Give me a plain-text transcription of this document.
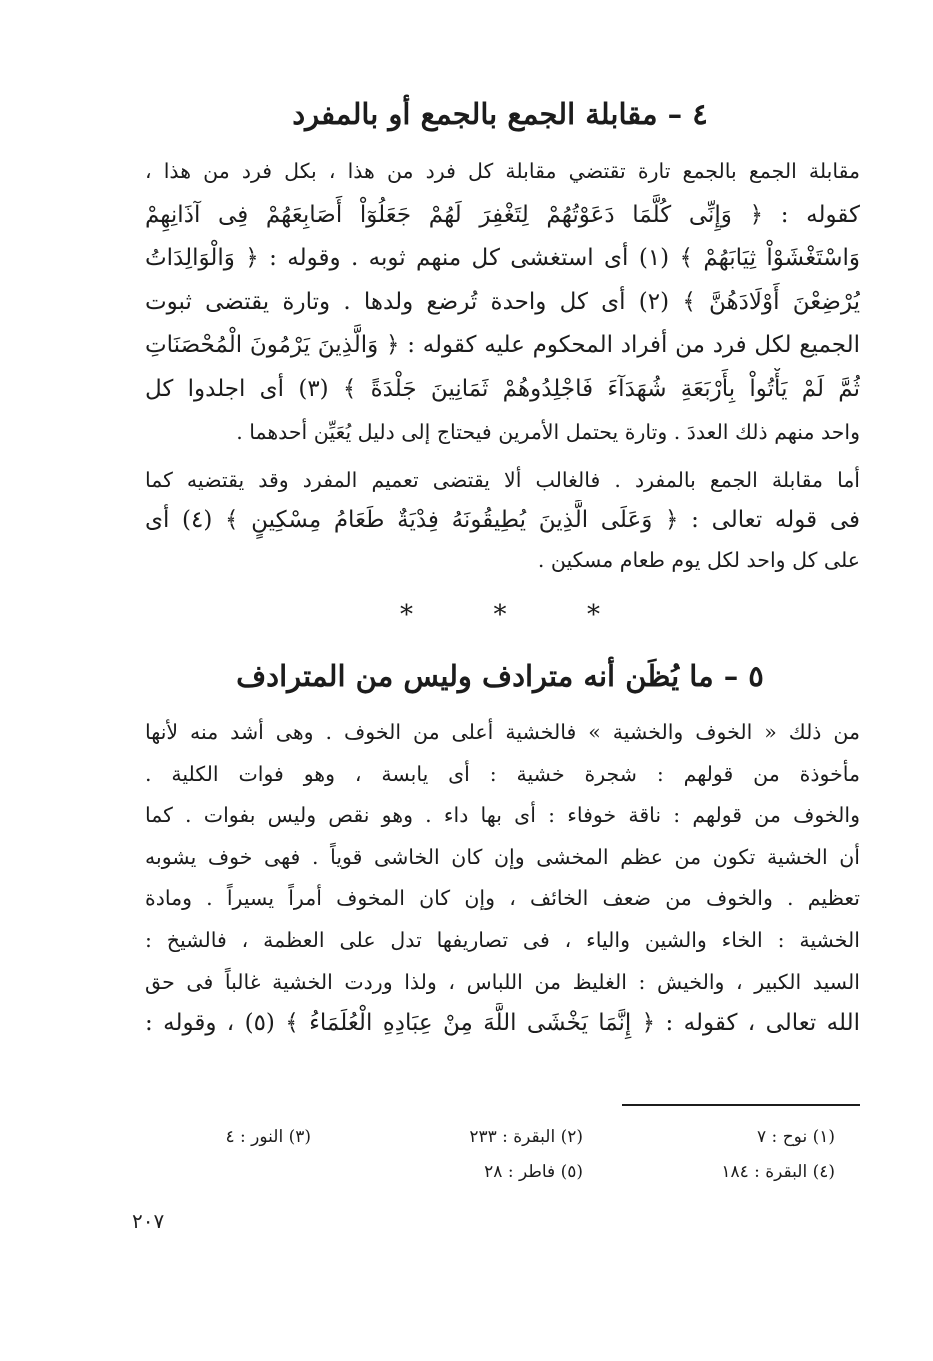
٤ – مقابلة الجمع بالجمع أو بالمفرد
مقابلة الجمع بالجمع تارة تقتضي مقابلة كل فرد من هذا ، بكل فرد من هذا ،
كقوله : ﴿ وَإِنِّى كُلَّمَا دَعَوْتُهُمْ لِتَغْفِرَ لَهُمْ جَعَلُوٓاْ أَصَابِعَهُمْ فِى آذَانِهِمْ
وَاسْتَغْشَوْاْ ثِيَابَهُمْ ﴾ (١) أى استغشى كل منهم ثوبه . وقوله : ﴿ وَالْوَالِدَاتُ
يُرْضِعْنَ أَوْلَادَهُنَّ ﴾ (٢) أى كل واحدة تُرضع ولدها . وتارة يقتضى ثبوت
الجميع لكل فرد من أفراد المحكوم عليه كقوله : ﴿ وَالَّذِينَ يَرْمُونَ الْمُحْصَنَاتِ
ثُمَّ لَمْ يَأْتُواْ بِأَرْبَعَةِ شُهَدَآءَ فَاجْلِدُوهُمْ ثَمَانِينَ جَلْدَةً ﴾ (٣) أى اجلدوا كل
واحد منهم ذلك العددَ . وتارة يحتمل الأمرين فيحتاج إلى دليل يُعَيِّن أحدهما .
أما مقابلة الجمع بالمفرد . فالغالب ألا يقتضى تعميم المفرد وقد يقتضيه كما
فى قوله تعالى : ﴿ وَعَلَى الَّذِينَ يُطِيقُونَهُ فِدْيَةٌ طَعَامُ مِسْكِينٍ ﴾ (٤) أى
على كل واحد لكل يوم طعام مسكين .
*	*	*
٥ – ما يُظَن أنه مترادف وليس من المترادف
من ذلك « الخوف والخشية » فالخشية أعلى من الخوف . وهى أشد منه لأنها
مأخوذة من قولهم : شجرة خشية : أى يابسة ، وهو فوات الكلية .
والخوف من قولهم : ناقة خوفاء : أى بها داء . وهو نقص وليس بفوات . كما
أن الخشية تكون من عظم المخشى وإن كان الخاشى قوياً . فهى خوف يشوبه
تعظيم . والخوف من ضعف الخائف ، وإن كان المخوف أمراً يسيراً . ومادة
الخشية : الخاء والشين والياء ، فى تصاريفها تدل على العظمة ، فالشيخ :
السيد الكبير ، والخيش : الغليظ من اللباس ، ولذا وردت الخشية غالباً فى حق
الله تعالى ، كقوله : ﴿ إِنَّمَا يَخْشَى اللَّهَ مِنْ عِبَادِهِ الْعُلَمَاءُ ﴾ (٥) ، وقوله :
(١) نوح : ٧
(٢) البقرة : ٢٣٣
(٣) النور : ٤
(٤) البقرة : ١٨٤
(٥) فاطر : ٢٨
٢٠٧
